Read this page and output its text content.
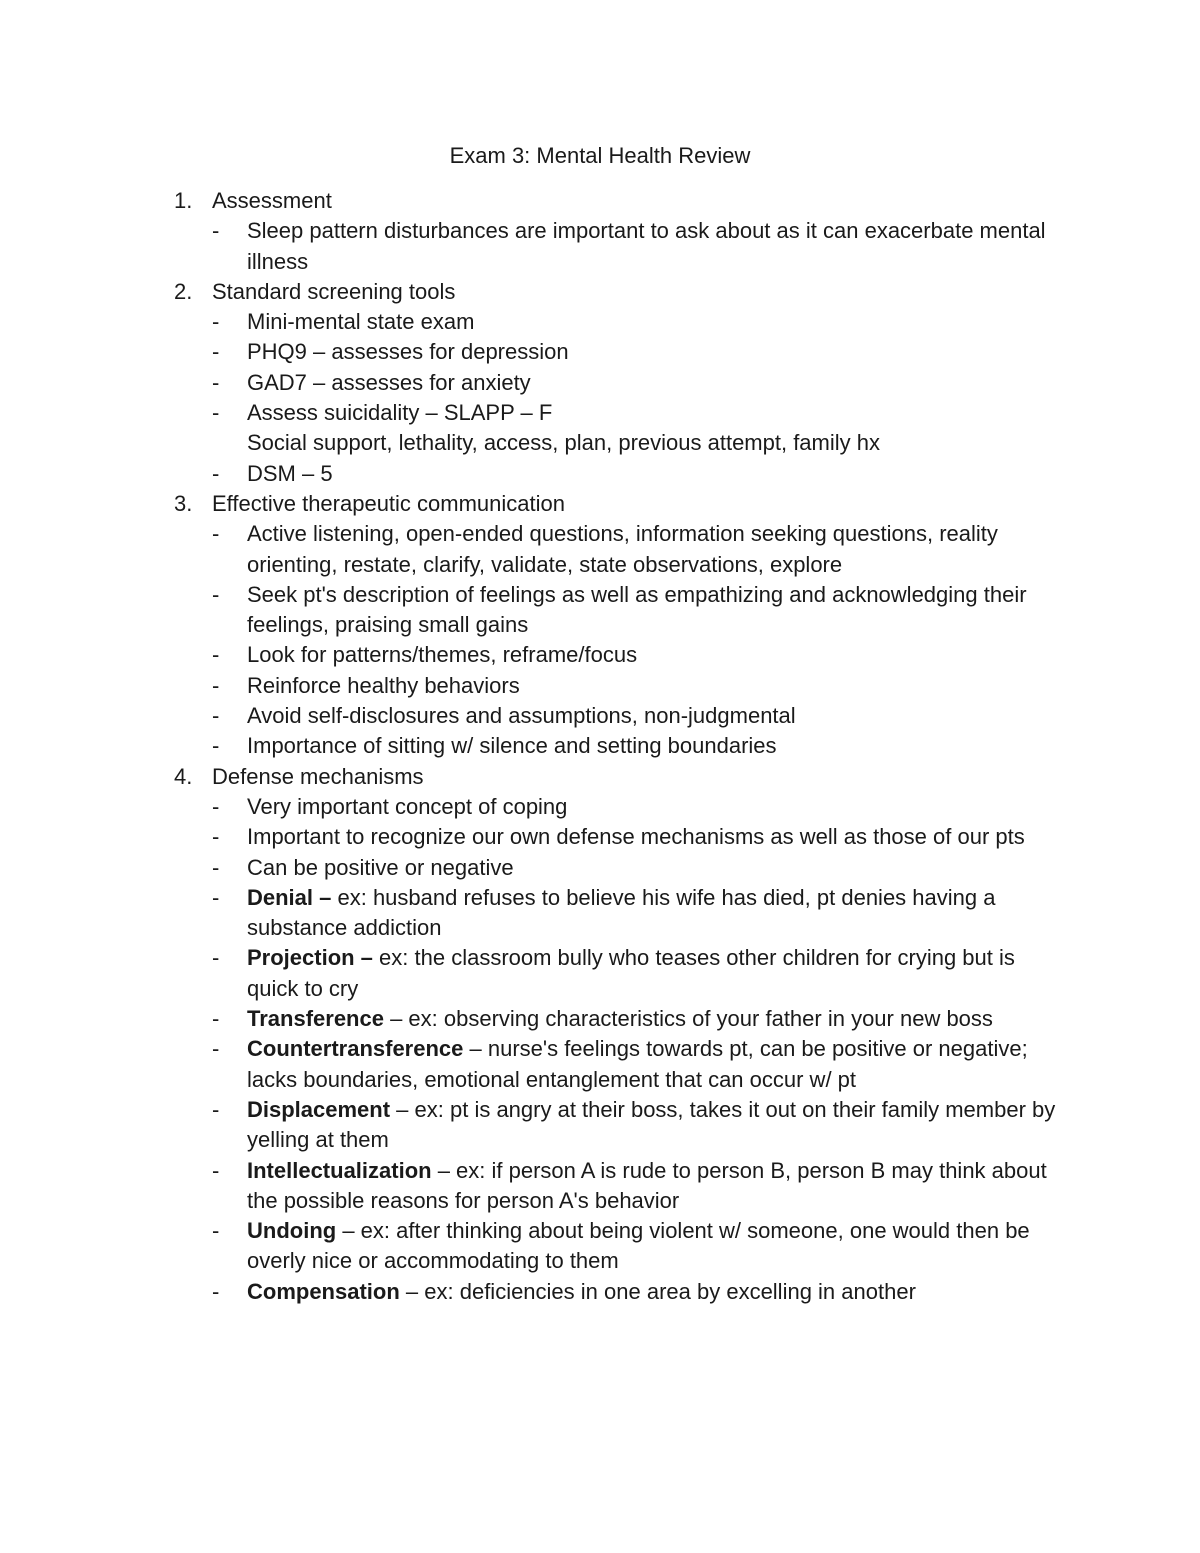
Exam 3: Mental Health Review
1. Assessment
-	Sleep pattern disturbances are important to ask about as it can exacerbate mental illness
2. Standard screening tools
-	Mini-mental state exam
-	PHQ9 – assesses for depression
-	GAD7 – assesses for anxiety
-	Assess suicidality – SLAPP – F
Social support, lethality, access, plan, previous attempt, family hx
-	DSM – 5
3. Effective therapeutic communication
-	Active listening, open-ended questions, information seeking questions, reality orienting, restate, clarify, validate, state observations, explore
-	Seek pt's description of feelings as well as empathizing and acknowledging their feelings, praising small gains
-	Look for patterns/themes, reframe/focus
-	Reinforce healthy behaviors
-	Avoid self-disclosures and assumptions, non-judgmental
-	Importance of sitting w/ silence and setting boundaries
4. Defense mechanisms
-	Very important concept of coping
-	Important to recognize our own defense mechanisms as well as those of our pts
-	Can be positive or negative
-	Denial – ex: husband refuses to believe his wife has died, pt denies having a substance addiction
-	Projection – ex: the classroom bully who teases other children for crying but is quick to cry
-	Transference – ex: observing characteristics of your father in your new boss
-	Countertransference – nurse's feelings towards pt, can be positive or negative; lacks boundaries, emotional entanglement that can occur w/ pt
-	Displacement – ex: pt is angry at their boss, takes it out on their family member by yelling at them
-	Intellectualization – ex: if person A is rude to person B, person B may think about the possible reasons for person A's behavior
-	Undoing – ex: after thinking about being violent w/ someone, one would then be overly nice or accommodating to them
-	Compensation – ex: deficiencies in one area by excelling in another
